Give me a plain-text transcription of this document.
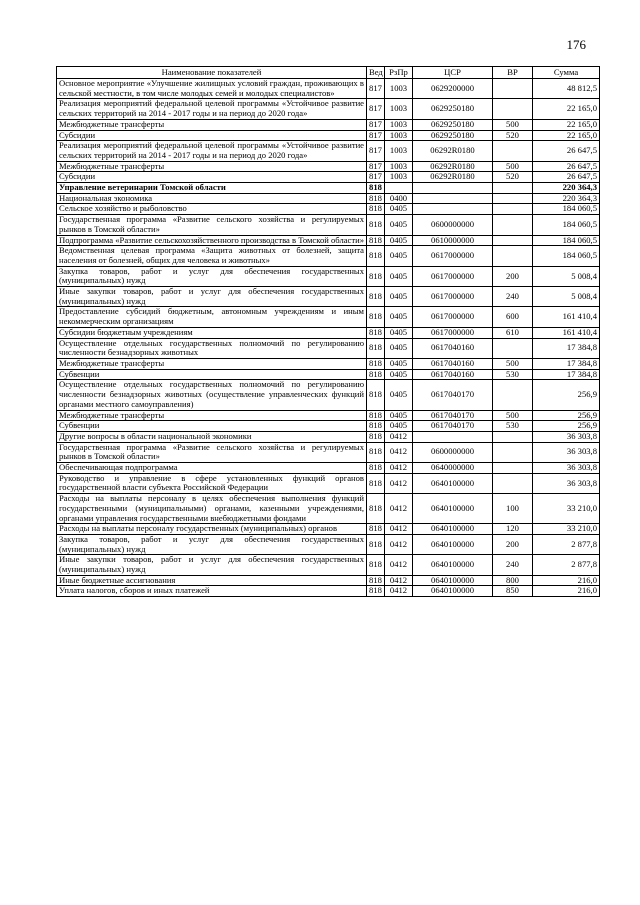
176
Наименование показателей	Вед	РзПр	ЦСР	ВР	Сумма
Основное мероприятие «Улучшение жилищных условий граждан, проживающих в сельской местности, в том числе молодых семей и молодых специалистов»	817	1003	0629200000		48 812,5
Реализация мероприятий федеральной целевой программы «Устойчивое развитие сельских территорий на 2014 - 2017 годы и на период до 2020 года»	817	1003	0629250180		22 165,0
Межбюджетные трансферты	817	1003	0629250180	500	22 165,0
Субсидии	817	1003	0629250180	520	22 165,0
Реализация мероприятий федеральной целевой программы «Устойчивое развитие сельских территорий на 2014 - 2017 годы и на период до 2020 года»	817	1003	06292R0180		26 647,5
Межбюджетные трансферты	817	1003	06292R0180	500	26 647,5
Субсидии	817	1003	06292R0180	520	26 647,5
Управление ветеринарии Томской области	818				220 364,3
Национальная экономика	818	0400			220 364,3
Сельское хозяйство и рыболовство	818	0405			184 060,5
Государственная программа «Развитие сельского хозяйства и регулируемых рынков в Томской области»	818	0405	0600000000		184 060,5
Подпрограмма «Развитие сельскохозяйственного производства в Томской области»	818	0405	0610000000		184 060,5
Ведомственная целевая программа «Защита животных от болезней, защита населения от болезней, общих для человека и животных»	818	0405	0617000000		184 060,5
Закупка товаров, работ и услуг для обеспечения государственных (муниципальных) нужд	818	0405	0617000000	200	5 008,4
Иные закупки товаров, работ и услуг для обеспечения государственных (муниципальных) нужд	818	0405	0617000000	240	5 008,4
Предоставление субсидий бюджетным, автономным учреждениям и иным некоммерческим организациям	818	0405	0617000000	600	161 410,4
Субсидии бюджетным учреждениям	818	0405	0617000000	610	161 410,4
Осуществление отдельных государственных полномочий по регулированию численности безнадзорных животных	818	0405	0617040160		17 384,8
Межбюджетные трансферты	818	0405	0617040160	500	17 384,8
Субвенции	818	0405	0617040160	530	17 384,8
Осуществление отдельных государственных полномочий по регулированию численности безнадзорных животных (осуществление управленческих функций органами местного самоуправления)	818	0405	0617040170		256,9
Межбюджетные трансферты	818	0405	0617040170	500	256,9
Субвенции	818	0405	0617040170	530	256,9
Другие вопросы в области национальной экономики	818	0412			36 303,8
Государственная программа «Развитие сельского хозяйства и регулируемых рынков в Томской области»	818	0412	0600000000		36 303,8
Обеспечивающая подпрограмма	818	0412	0640000000		36 303,8
Руководство и управление в сфере установленных функций органов государственной власти субъекта Российской Федерации	818	0412	0640100000		36 303,8
Расходы на выплаты персоналу в целях обеспечения выполнения функций государственными (муниципальными) органами, казенными учреждениями, органами управления государственными внебюджетными фондами	818	0412	0640100000	100	33 210,0
Расходы на выплаты персоналу государственных (муниципальных) органов	818	0412	0640100000	120	33 210,0
Закупка товаров, работ и услуг для обеспечения государственных (муниципальных) нужд	818	0412	0640100000	200	2 877,8
Иные закупки товаров, работ и услуг для обеспечения государственных (муниципальных) нужд	818	0412	0640100000	240	2 877,8
Иные бюджетные ассигнования	818	0412	0640100000	800	216,0
Уплата налогов, сборов и иных платежей	818	0412	0640100000	850	216,0
